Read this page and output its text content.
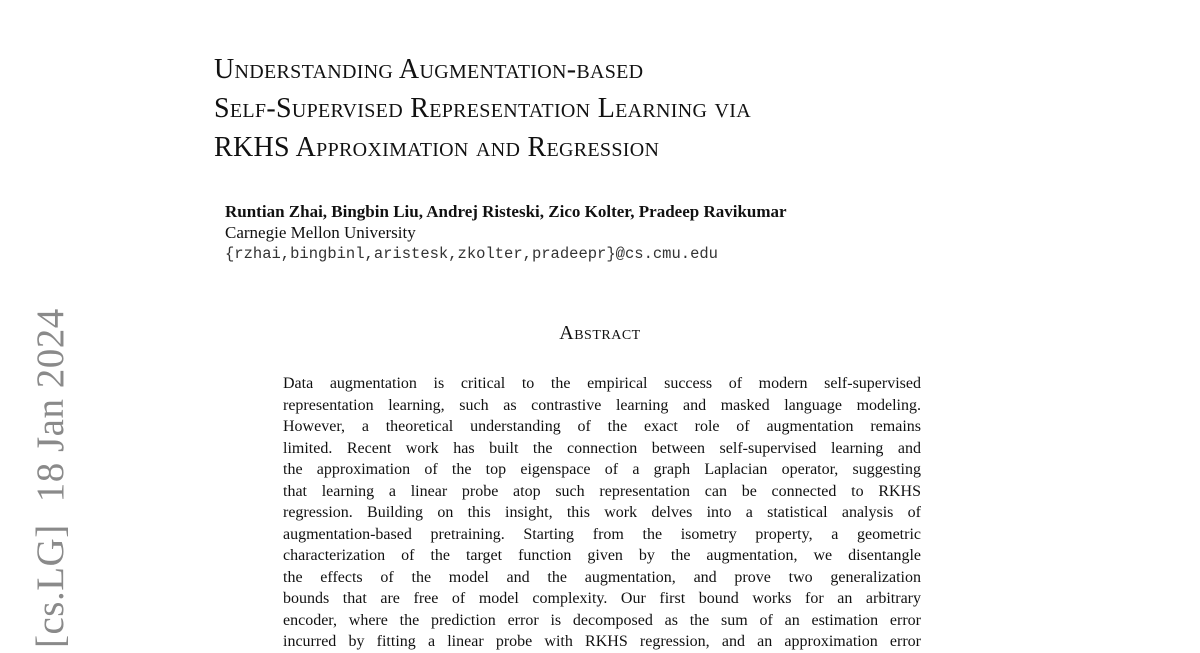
Understanding Augmentation-based
Self-Supervised Representation Learning via
RKHS Approximation and Regression
Runtian Zhai, Bingbin Liu, Andrej Risteski, Zico Kolter, Pradeep Ravikumar
Carnegie Mellon University
{rzhai,bingbinl,aristesk,zkolter,pradeepr}@cs.cmu.edu
Abstract
Data augmentation is critical to the empirical success of modern self-supervised
representation learning, such as contrastive learning and masked language modeling.
However, a theoretical understanding of the exact role of augmentation remains
limited. Recent work has built the connection between self-supervised learning and
the approximation of the top eigenspace of a graph Laplacian operator, suggesting
that learning a linear probe atop such representation can be connected to RKHS
regression. Building on this insight, this work delves into a statistical analysis of
augmentation-based pretraining. Starting from the isometry property, a geometric
characterization of the target function given by the augmentation, we disentangle
the effects of the model and the augmentation, and prove two generalization
bounds that are free of model complexity. Our first bound works for an arbitrary
encoder, where the prediction error is decomposed as the sum of an estimation error
incurred by fitting a linear probe with RKHS regression, and an approximation error
[cs.LG]18 Jan 2024
